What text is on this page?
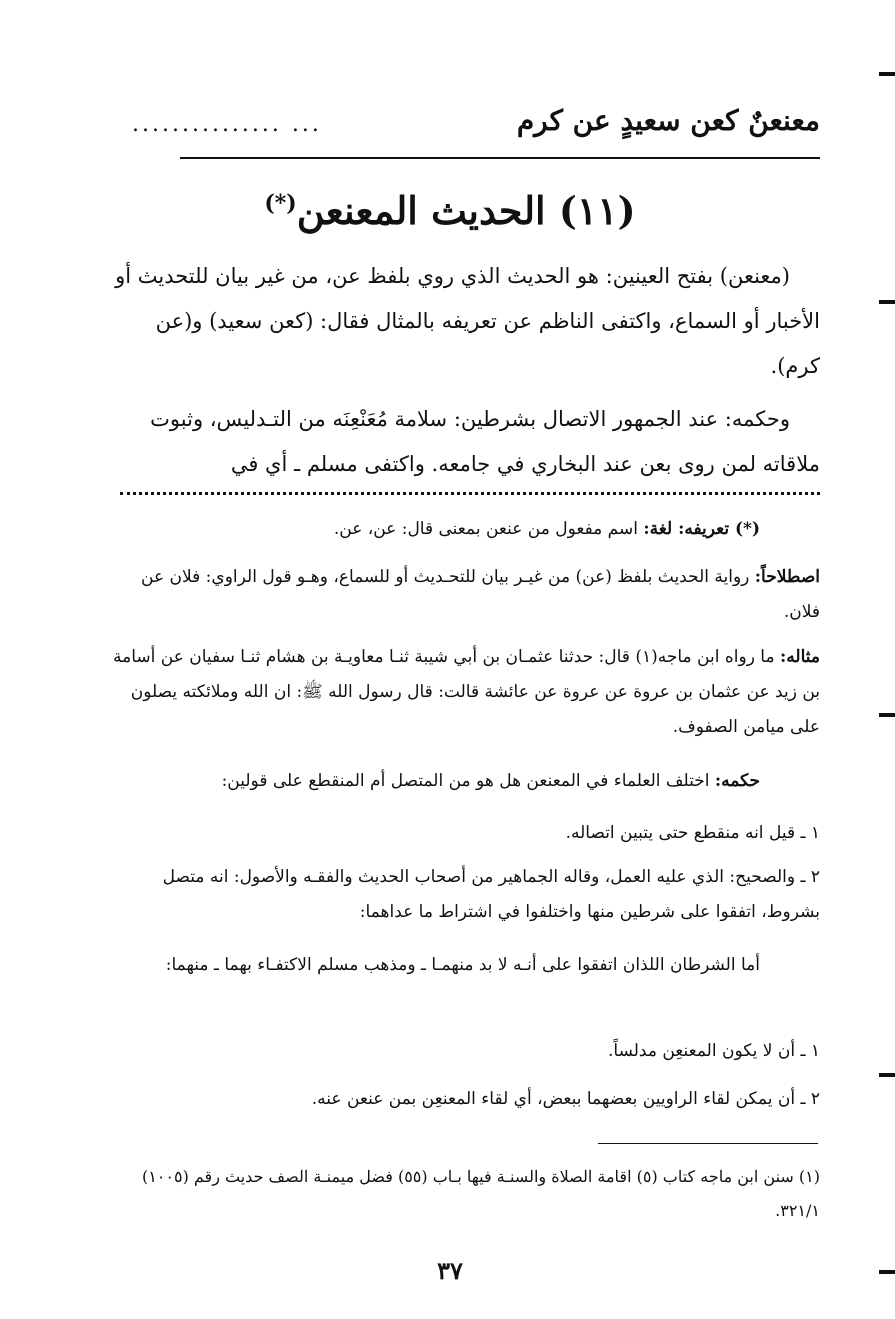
معنعنٌ كعن سعيدٍ عن كرم
............... ...
(١١) الحديث المعنعن(*)
(معنعن) بفتح العينين: هو الحديث الذي روي بلفظ عن، من غير بيان للتحديث أو الأخبار أو السماع، واكتفى الناظم عن تعريفه بالمثال فقال: (كعن سعيد) و(عن كرم).
وحكمه: عند الجمهور الاتصال بشرطين: سلامة مُعَنْعِنَه من التـدليس، وثبوت ملاقاته لمن روى بعن عند البخاري في جامعه. واكتفى مسلم ـ أي في
(*) تعريفه: لغة: اسم مفعول من عنعن بمعنى قال: عن، عن.
اصطلاحاً: رواية الحديث بلفظ (عن) من غيـر بيان للتحـديث أو للسماع، وهـو قول الراوي: فلان عن فلان.
مثاله: ما رواه ابن ماجه(١) قال: حدثنا عثمـان بن أبي شيبة ثنـا معاويـة بن هشام ثنـا سفيان عن أسامة بن زيد عن عثمان بن عروة عن عروة عن عائشة قالت: قال رسول الله ﷺ: ان الله وملائكته يصلون على ميامن الصفوف.
حكمه: اختلف العلماء في المعنعن هل هو من المتصل أم المنقطع على قولين:
١ ـ قيل انه منقطع حتى يتبين اتصاله.
٢ ـ والصحيح: الذي عليه العمل، وقاله الجماهير من أصحاب الحديث والفقـه والأصول: انه متصل بشروط، اتفقوا على شرطين منها واختلفوا في اشتراط ما عداهما:
أما الشرطان اللذان اتفقوا على أنـه لا بد منهمـا ـ ومذهب مسلم الاكتفـاء بهما ـ منهما:
١ ـ أن لا يكون المعنعِن مدلساً.
٢ ـ أن يمكن لقاء الراويين بعضهما ببعض، أي لقاء المعنعِن بمن عنعن عنه.
(١) سنن ابن ماجه كتاب (٥) اقامة الصلاة والسنـة فيها بـاب (٥٥) فضل ميمنـة الصف حديث رقم (١٠٠٥) ٣٢١/١.
٣٧
